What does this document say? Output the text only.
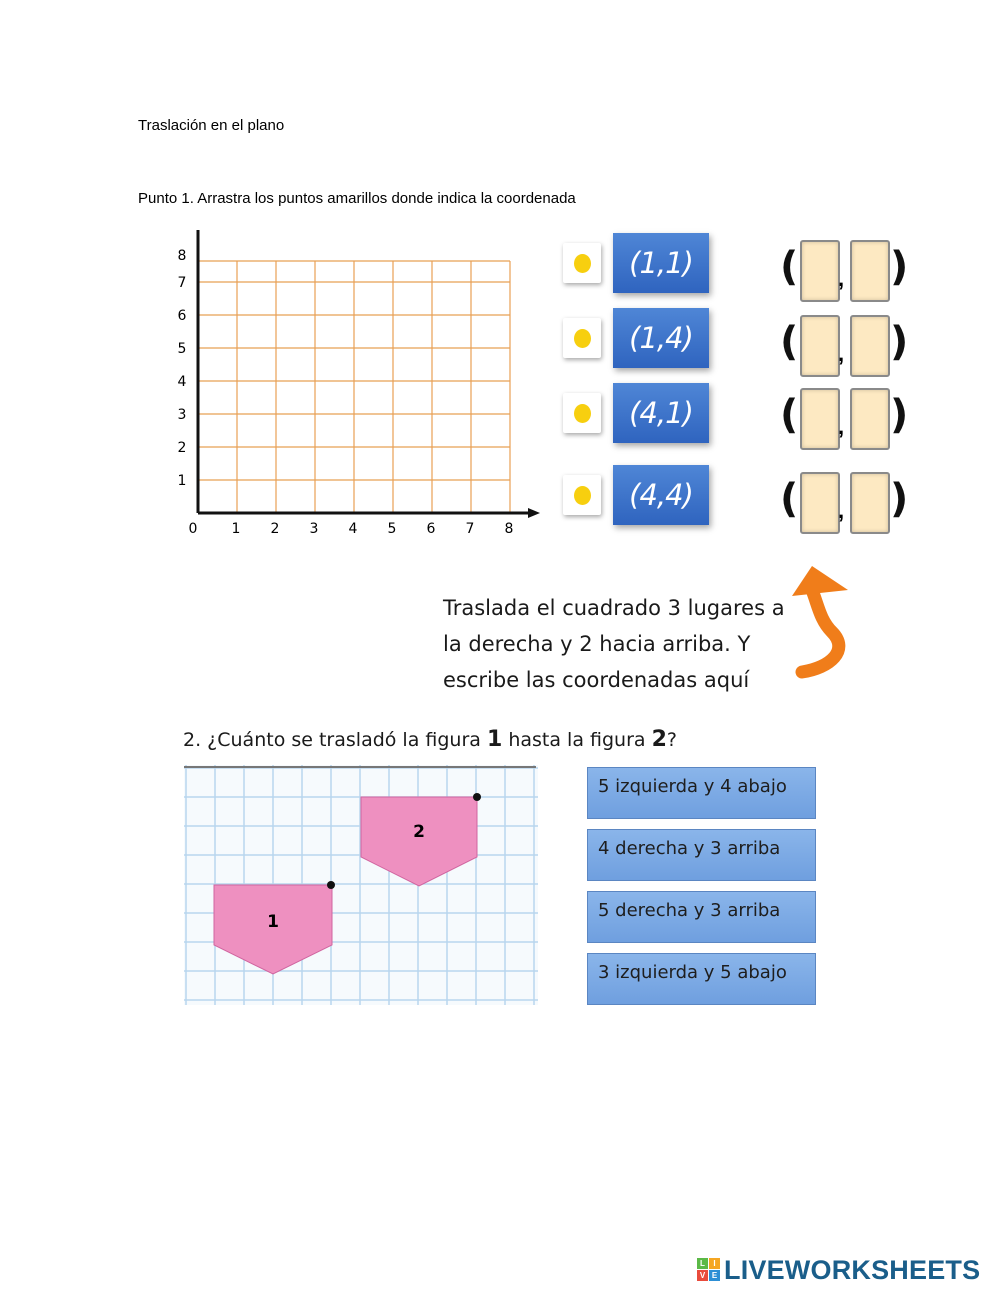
Traslación en el plano
Punto 1. Arrastra los puntos amarillos donde indica la coordenada
0 1 2 3 4 5 6 7 8
1
2
3
4
5
6
7
8	(1,1)
(1,4)
(4,1)
(4,4)
( , )
( , )
( , )
( , )
Traslada el cuadrado 3 lugares a
la derecha y 2 hacia arriba. Y
escribe las coordenadas aquí
2. ¿Cuánto se trasladó la figura 1 hasta la figura 2?
1
2
5 izquierda y 4 abajo
4 derecha y 3 arriba
5 derecha y 3 arriba
3 izquierda y 5 abajo
L	I
V E LIVEWORKSHEETS
